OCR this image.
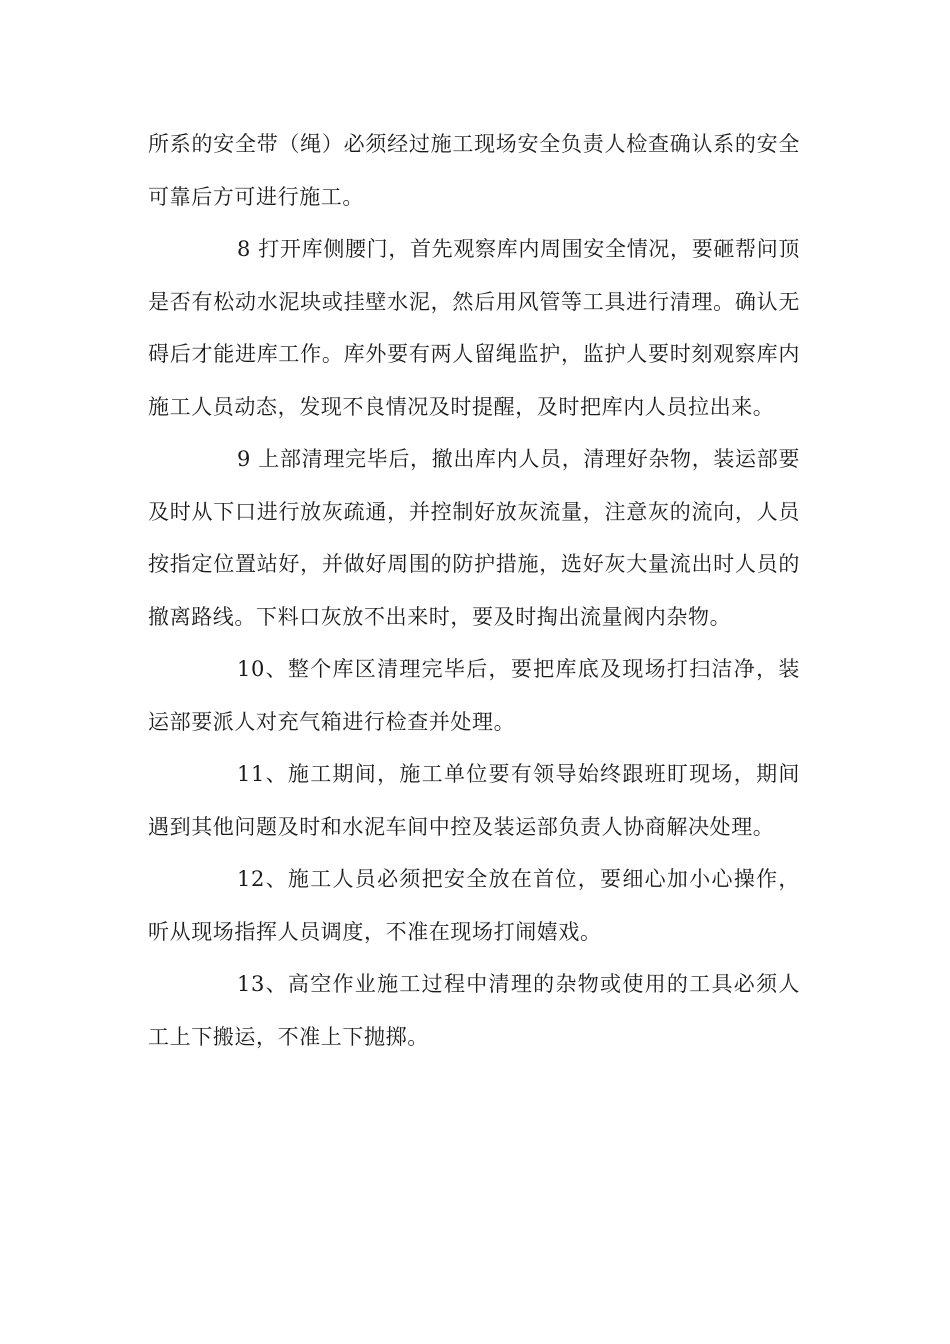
所系的安全带（绳）必须经过施工现场安全负责人检查确认系的安全可靠后方可进行施工。

8 打开库侧腰门，首先观察库内周围安全情况，要砸帮问顶是否有松动水泥块或挂壁水泥，然后用风管等工具进行清理。确认无碍后才能进库工作。库外要有两人留绳监护，监护人要时刻观察库内施工人员动态，发现不良情况及时提醒，及时把库内人员拉出来。

9 上部清理完毕后，撤出库内人员，清理好杂物，装运部要及时从下口进行放灰疏通，并控制好放灰流量，注意灰的流向，人员按指定位置站好，并做好周围的防护措施，选好灰大量流出时人员的撤离路线。下料口灰放不出来时，要及时掏出流量阀内杂物。

10、整个库区清理完毕后，要把库底及现场打扫洁净，装运部要派人对充气箱进行检查并处理。

11、施工期间，施工单位要有领导始终跟班盯现场，期间遇到其他问题及时和水泥车间中控及装运部负责人协商解决处理。

12、施工人员必须把安全放在首位，要细心加小心操作，听从现场指挥人员调度，不准在现场打闹嬉戏。

13、高空作业施工过程中清理的杂物或使用的工具必须人工上下搬运，不准上下抛掷。
